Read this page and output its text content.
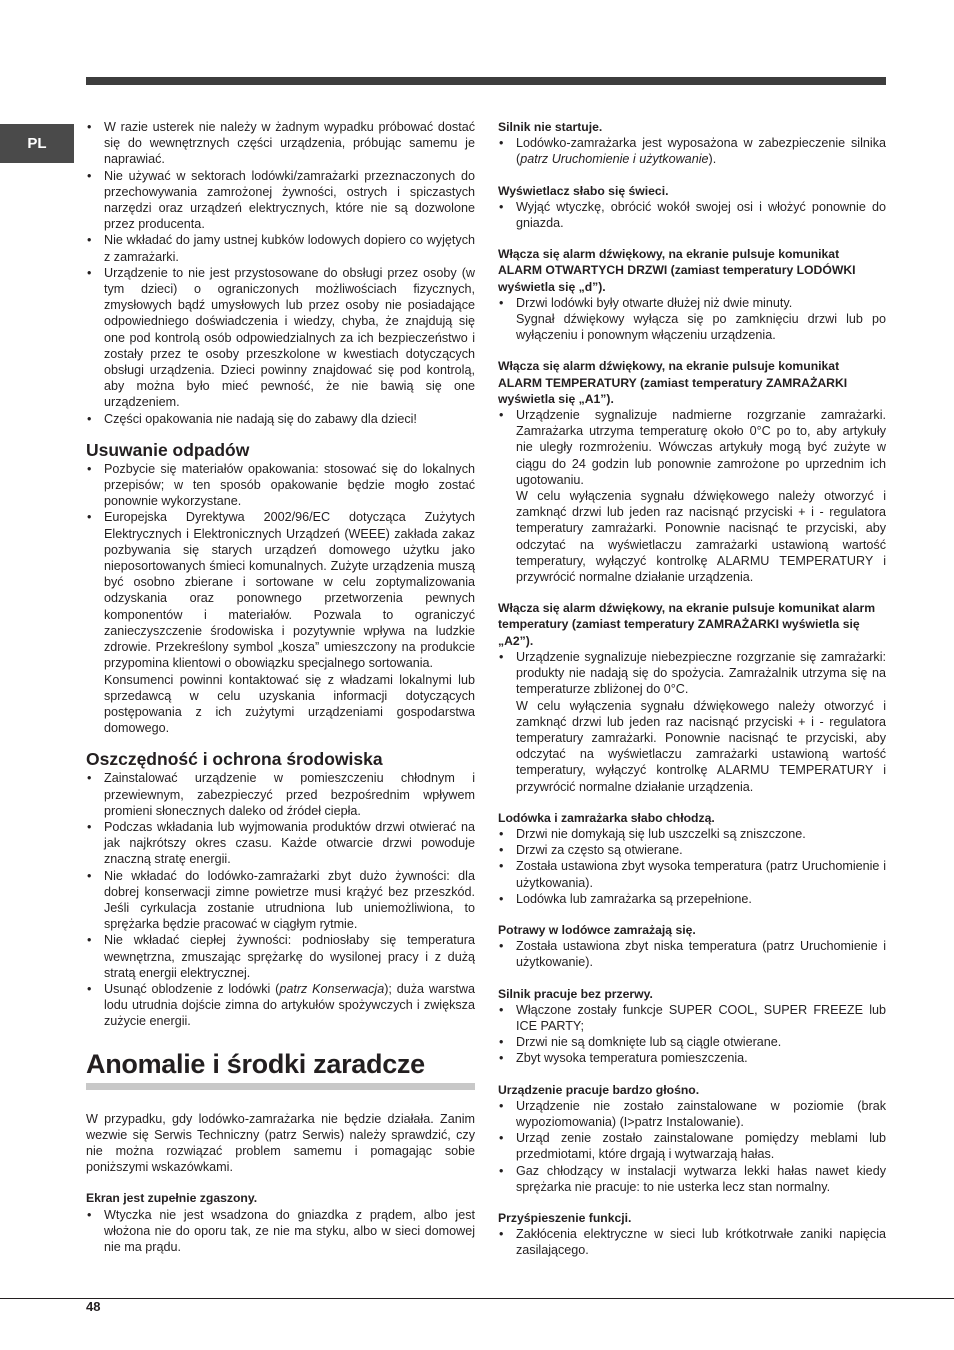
PL
• W razie usterek nie należy w żadnym wypadku próbować dostać się do wewnętrznych części urządzenia, próbując samemu je naprawiać.
• Nie używać w sektorach lodówki/zamrażarki przeznaczonych do przechowywania zamrożonej żywności, ostrych i spiczastych narzędzi oraz urządzeń elektrycznych, które nie są dozwolone przez producenta.
• Nie wkładać do jamy ustnej kubków lodowych dopiero co wyjętych z zamrażarki.
• Urządzenie to nie jest przystosowane do obsługi przez osoby (w tym dzieci) o ograniczonych możliwościach fizycznych, zmysłowych bądź umysłowych lub przez osoby nie posiadające odpowiedniego doświadczenia i wiedzy, chyba, że znajdują się one pod kontrolą osób odpowiedzialnych za ich bezpieczeństwo i zostały przez te osoby przeszkolone w kwestiach dotyczących obsługi urządzenia. Dzieci powinny znajdować się pod kontrolą, aby można było mieć pewność, że nie bawią się one urządzeniem.
• Części opakowania nie nadają się do zabawy dla dzieci!
Usuwanie odpadów
• Pozbycie się materiałów opakowania: stosować się do lokalnych przepisów; w ten sposób opakowanie będzie mogło zostać ponownie wykorzystane.
• Europejska Dyrektywa 2002/96/EC dotycząca Zużytych Elektrycznych i Elektronicznych Urządzeń (WEEE) zakłada zakaz pozbywania się starych urządzeń domowego użytku jako nieposortowanych śmieci komunalnych. Zużyte urządzenia muszą być osobno zbierane i sortowane w celu zoptymalizowania odzyskania oraz ponownego przetworzenia pewnych komponentów i materiałów. Pozwala to ograniczyć zanieczyszczenie środowiska i pozytywnie wpływa na ludzkie zdrowie. Przekreślony symbol „kosza” umieszczony na produkcie przypomina klientowi o obowiązku specjalnego sortowania.
Konsumenci powinni kontaktować się z władzami lokalnymi lub sprzedawcą w celu uzyskania informacji dotyczących postępowania z ich zużytymi urządzeniami gospodarstwa domowego.
Oszczędność i ochrona środowiska
• Zainstalować urządzenie w pomieszczeniu chłodnym i przewiewnym, zabezpieczyć przed bezpośrednim wpływem promieni słonecznych daleko od źródeł ciepła.
• Podczas wkładania lub wyjmowania produktów drzwi otwierać na jak najkrótszy okres czasu. Każde otwarcie drzwi powoduje znaczną stratę energii.
• Nie wkładać do lodówko-zamrażarki zbyt dużo żywności: dla dobrej konserwacji zimne powietrze musi krążyć bez przeszkód. Jeśli cyrkulacja zostanie utrudniona lub uniemożliwiona, to sprężarka będzie pracować w ciągłym rytmie.
• Nie wkładać ciepłej żywności: podniosłaby się temperatura wewnętrzna, zmuszając sprężarkę do wysilonej pracy i z dużą stratą energii elektrycznej.
• Usunąć oblodzenie z lodówki (patrz Konserwacja); duża warstwa lodu utrudnia dojście zimna do artykułów spożywczych i zwiększa zużycie energii.
Anomalie i środki zaradcze

W przypadku, gdy lodówko-zamrażarka nie będzie działała. Zanim wezwie się Serwis Techniczny (patrz Serwis) należy sprawdzić, czy nie można rozwiązać problem samemu i pomagając sobie poniższymi wskazówkami.

Ekran jest zupełnie zgaszony.
• Wtyczka nie jest wsadzona do gniazdka z prądem, albo jest włożona nie do oporu tak, ze nie ma styku, albo w sieci domowej nie ma prądu.
Silnik nie startuje.
• Lodówko-zamrażarka jest wyposażona w zabezpieczenie silnika (patrz Uruchomienie i użytkowanie).
Wyświetlacz słabo się świeci.
• Wyjąć wtyczkę, obrócić wokół swojej osi i włożyć ponownie do gniazda.
Włącza się alarm dźwiękowy, na ekranie pulsuje komunikat ALARM OTWARTYCH DRZWI (zamiast temperatury LODÓWKI wyświetla się „d”).
• Drzwi lodówki były otwarte dłużej niż dwie minuty.
Sygnał dźwiękowy wyłącza się po zamknięciu drzwi lub po wyłączeniu i ponownym włączeniu urządzenia.
Włącza się alarm dźwiękowy, na ekranie pulsuje komunikat ALARM TEMPERATURY (zamiast temperatury ZAMRAŻARKI wyświetla się „A1”).
• Urządzenie sygnalizuje nadmierne rozgrzanie zamrażarki. Zamrażarka utrzyma temperaturę około 0°C po to, aby artykuły nie uległy rozmrożeniu. Wówczas artykuły mogą być zużyte w ciągu do 24 godzin lub ponownie zamrożone po uprzednim ich ugotowaniu.
W celu wyłączenia sygnału dźwiękowego należy otworzyć i zamknąć drzwi lub jeden raz nacisnąć przyciski + i - regulatora temperatury zamrażarki. Ponownie nacisnąć te przyciski, aby odczytać na wyświetlaczu zamrażarki ustawioną wartość temperatury, wyłączyć kontrolkę ALARMU TEMPERATURY i przywrócić normalne działanie urządzenia.
Włącza się alarm dźwiękowy, na ekranie pulsuje komunikat alarm temperatury (zamiast temperatury ZAMRAŻARKI wyświetla się „A2”).
• Urządzenie sygnalizuje niebezpieczne rozgrzanie się zamrażarki: produkty nie nadają się do spożycia. Zamrażalnik utrzyma się na temperaturze zbliżonej do 0°C.
W celu wyłączenia sygnału dźwiękowego należy otworzyć i zamknąć drzwi lub jeden raz nacisnąć przyciski + i - regulatora temperatury zamrażarki. Ponownie nacisnąć te przyciski, aby odczytać na wyświetlaczu zamrażarki ustawioną wartość temperatury, wyłączyć kontrolkę ALARMU TEMPERATURY i przywrócić normalne działanie urządzenia.
Lodówka i zamrażarka słabo chłodzą.
• Drzwi nie domykają się lub uszczelki są zniszczone.
• Drzwi za często są otwierane.
• Została ustawiona zbyt wysoka temperatura (patrz Uruchomienie i użytkowania).
• Lodówka lub zamrażarka są przepełnione.
Potrawy w lodówce zamrażają się.
• Została ustawiona zbyt niska temperatura (patrz Uruchomienie i użytkowanie).
Silnik pracuje bez przerwy.
• Włączone zostały funkcje SUPER COOL, SUPER FREEZE lub ICE PARTY;
• Drzwi nie są domknięte lub są ciągle otwierane.
• Zbyt wysoka temperatura pomieszczenia.
Urządzenie pracuje bardzo głośno.
• Urządzenie nie zostało zainstalowane w poziomie (brak wypoziomowania) (I>patrz Instalowanie).
• Urząd zenie zostało zainstalowane pomiędzy meblami lub przedmiotami, które drgają i wytwarzają hałas.
• Gaz chłodzący w instalacji wytwarza lekki hałas nawet kiedy sprężarka nie pracuje: to nie usterka lecz stan normalny.
Przyśpieszenie funkcji.
• Zakłócenia elektryczne w sieci lub krótkotrwałe zaniki napięcia zasilającego.
48
